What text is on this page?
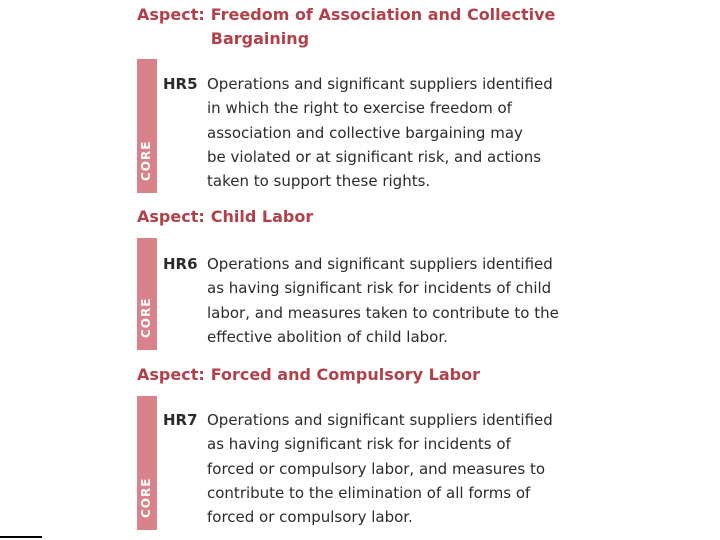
Aspect: Freedom of Association and Collective
Bargaining
CORE
HR5 Operations and significant suppliers identified
in which the right to exercise freedom of
association and collective bargaining may
be violated or at significant risk, and actions
taken to support these rights.
Aspect: Child Labor
CORE
HR6 Operations and significant suppliers identified
as having significant risk for incidents of child
labor, and measures taken to contribute to the
effective abolition of child labor.
Aspect: Forced and Compulsory Labor
CORE
HR7 Operations and significant suppliers identified
as having significant risk for incidents of
forced or compulsory labor, and measures to
contribute to the elimination of all forms of
forced or compulsory labor.
